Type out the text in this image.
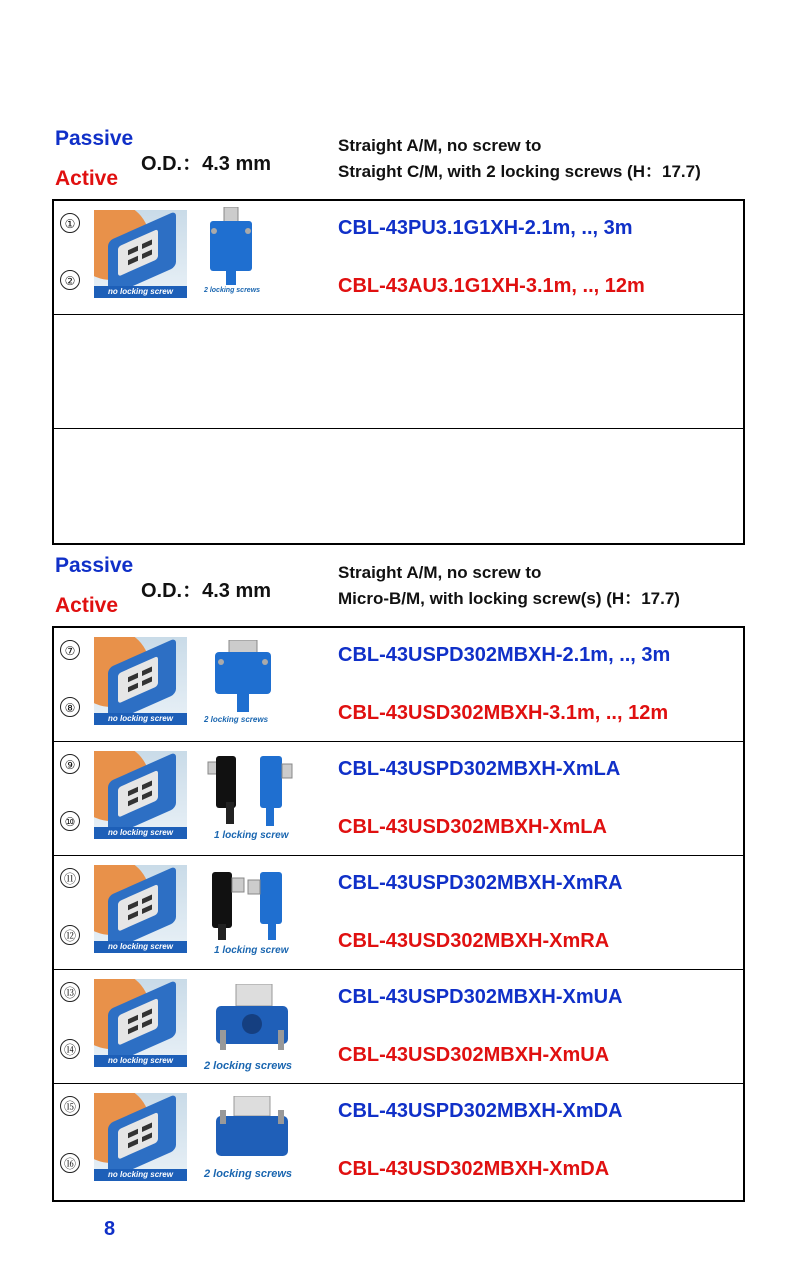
Passive
Active
O.D.：4.3 mm
Straight A/M, no screw to
Straight C/M, with 2 locking screws (H：17.7)
①
②
no locking screw	2 locking screws
CBL-43PU3.1G1XH-2.1m, .., 3m
CBL-43AU3.1G1XH-3.1m, .., 12m
Passive
Active
O.D.：4.3 mm
Straight A/M, no screw to
Micro-B/M, with locking screw(s) (H：17.7)
⑦
⑧
no locking screw	2 locking screws
CBL-43USPD302MBXH-2.1m, .., 3m
CBL-43USD302MBXH-3.1m, .., 12m
⑨
⑩
no locking screw	1 locking screw
CBL-43USPD302MBXH-XmLA
CBL-43USD302MBXH-XmLA
⑪
⑫
no locking screw	1 locking screw
CBL-43USPD302MBXH-XmRA
CBL-43USD302MBXH-XmRA
⑬
⑭
no locking screw	2 locking screws
CBL-43USPD302MBXH-XmUA
CBL-43USD302MBXH-XmUA
⑮
⑯
no locking screw	2 locking screws
CBL-43USPD302MBXH-XmDA
CBL-43USD302MBXH-XmDA
8
